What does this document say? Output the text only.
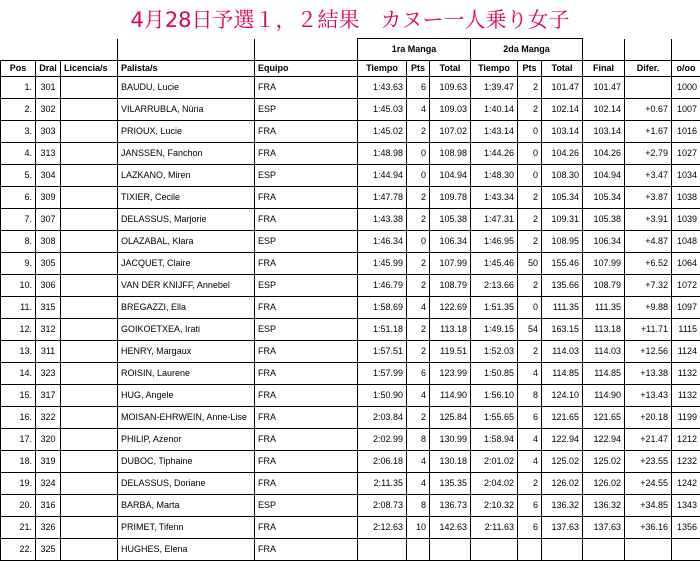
4月28日予選１，２結果　カヌー一人乗り女子
					1ra Manga			2da Manga					
Pos	Dral	Licencia/s	Palista/s	Equipo	Tiempo	Pts	Total	Tiempo	Pts	Total	Final	Difer.	o/oo
1.	301		BAUDU, Lucie	FRA	1:43.63	6	109.63	1:39.47	2	101.47	101.47		1000
2.	302		VILARRUBLA, Núria	ESP	1:45.03	4	109.03	1:40.14	2	102.14	102.14	+0.67	1007
3.	303		PRIOUX, Lucie	FRA	1:45.02	2	107.02	1:43.14	0	103.14	103.14	+1.67	1016
4.	313		JANSSEN, Fanchon	FRA	1:48.98	0	108.98	1:44.26	0	104.26	104.26	+2.79	1027
5.	304		LAZKANO, Miren	ESP	1:44.94	0	104.94	1:48.30	0	108.30	104.94	+3.47	1034
6.	309		TIXIER, Cecile	FRA	1:47.78	2	109.78	1:43.34	2	105.34	105.34	+3.87	1038
7.	307		DELASSUS, Marjorie	FRA	1:43.38	2	105.38	1:47.31	2	109.31	105.38	+3.91	1039
8.	308		OLAZABAL, Klara	ESP	1:46.34	0	106.34	1:46.95	2	108.95	106.34	+4.87	1048
9.	305		JACQUET, Claire	FRA	1:45.99	2	107.99	1:45.46	50	155.46	107.99	+6.52	1064
10.	306		VAN DER KNIJFF, Annebel	ESP	1:46.79	2	108.79	2:13.66	2	135.66	108.79	+7.32	1072
11.	315		BREGAZZI, Ella	FRA	1:58.69	4	122.69	1:51.35	0	111.35	111.35	+9.88	1097
12.	312		GOIKOETXEA, Irati	ESP	1:51.18	2	113.18	1:49.15	54	163.15	113.18	+11.71	1115
13.	311		HENRY, Margaux	FRA	1:57.51	2	119.51	1:52.03	2	114.03	114.03	+12.56	1124
14.	323		ROISIN, Laurene	FRA	1:57.99	6	123.99	1:50.85	4	114.85	114.85	+13.38	1132
15.	317		HUG, Angele	FRA	1:50.90	4	114.90	1:56.10	8	124.10	114.90	+13.43	1132
16.	322		MOISAN-EHRWEIN, Anne-Lise	FRA	2:03.84	2	125.84	1:55.65	6	121.65	121.65	+20.18	1199
17.	320		PHILIP, Azenor	FRA	2:02.99	8	130.99	1:58.94	4	122.94	122.94	+21.47	1212
18.	319		DUBOC, Tiphaine	FRA	2:06.18	4	130.18	2:01.02	4	125.02	125.02	+23.55	1232
19.	324		DELASSUS, Doriane	FRA	2:11.35	4	135.35	2:04.02	2	126.02	126.02	+24.55	1242
20.	316		BARBA, Marta	ESP	2:08.73	8	136.73	2:10.32	6	136.32	136.32	+34.85	1343
21.	326		PRIMET, Tifenn	FRA	2:12.63	10	142.63	2:11.63	6	137.63	137.63	+36.16	1356
22.	325		HUGHES, Elena	FRA									
